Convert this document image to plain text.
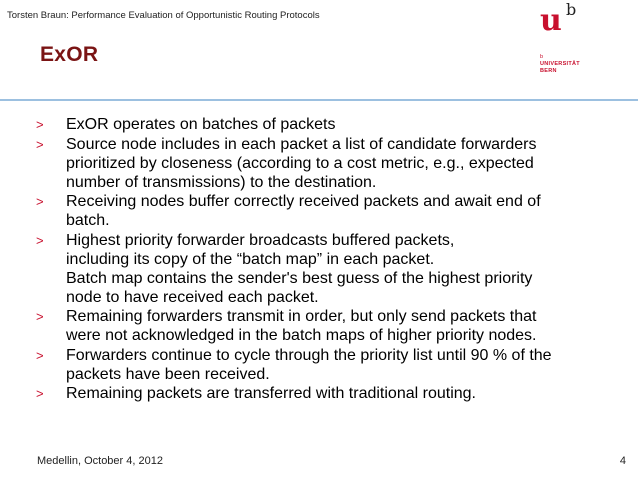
Torsten Braun: Performance Evaluation of Opportunistic Routing Protocols	u b
b
UNIVERSITÄT
BERN
ExOR
> ExOR operates on batches of packets
> Source node includes in each packet a list of candidate forwarders
prioritized by closeness (according to a cost metric, e.g., expected
number of transmissions) to the destination.
> Receiving nodes buffer correctly received packets and await end of
batch.
> Highest priority forwarder broadcasts buffered packets,
including its copy of the “batch map” in each packet.
Batch map contains the sender's best guess of the highest priority
node to have received each packet.
> Remaining forwarders transmit in order, but only send packets that
were not acknowledged in the batch maps of higher priority nodes.
> Forwarders continue to cycle through the priority list until 90 % of the
packets have been received.
> Remaining packets are transferred with traditional routing.
Medellin, October 4, 2012	4
